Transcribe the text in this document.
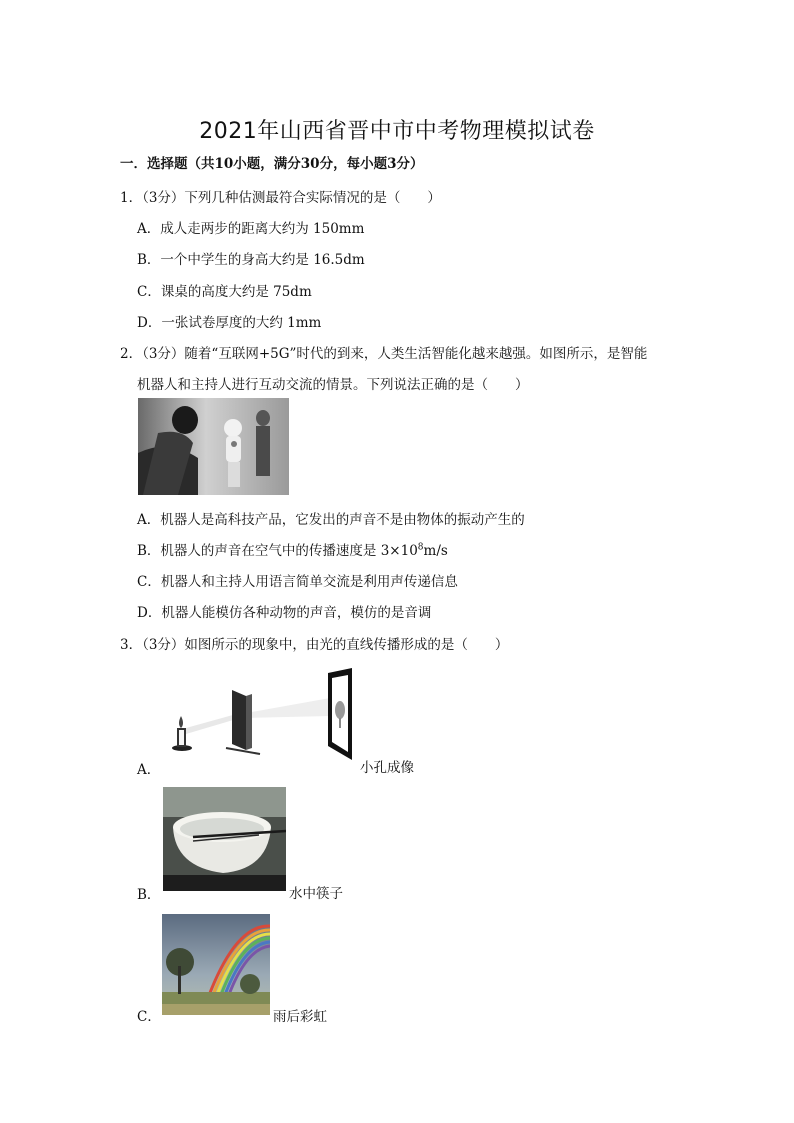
2021年山西省晋中市中考物理模拟试卷
一．选择题（共10小题，满分30分，每小题3分）
1．（3分）下列几种估测最符合实际情况的是（　　）
A．成人走两步的距离大约为 150mm
B．一个中学生的身高大约是 16.5dm
C．课桌的高度大约是 75dm
D．一张试卷厚度的大约 1mm
2．（3分）随着“互联网+5G”时代的到来，人类生活智能化越来越强。如图所示，是智能
机器人和主持人进行互动交流的情景。下列说法正确的是（　　）
A．机器人是高科技产品，它发出的声音不是由物体的振动产生的
B．机器人的声音在空气中的传播速度是 $3\times 10^8m/s$
C．机器人和主持人用语言简单交流是利用声传递信息
D．机器人能模仿各种动物的声音，模仿的是音调
3．（3分）如图所示的现象中，由光的直线传播形成的是（　　）
A．	小孔成像
B．	水中筷子
C．	雨后彩虹
